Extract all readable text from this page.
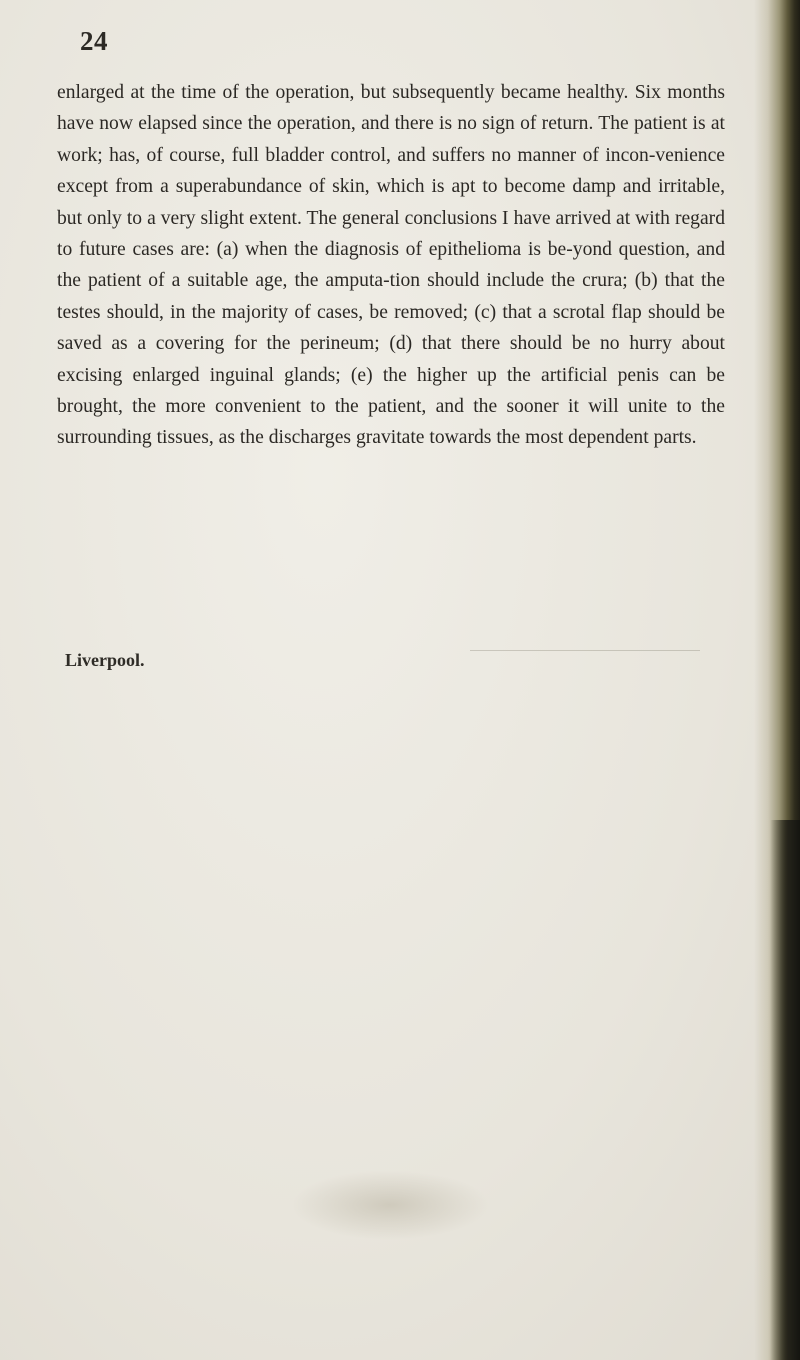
24

enlarged at the time of the operation, but subsequently became healthy. Six months have now elapsed since the operation, and there is no sign of return. The patient is at work; has, of course, full bladder control, and suffers no manner of incon-venience except from a superabundance of skin, which is apt to become damp and irritable, but only to a very slight extent. The general conclusions I have arrived at with regard to future cases are: (a) when the diagnosis of epithelioma is be-yond question, and the patient of a suitable age, the amputa-tion should include the crura; (b) that the testes should, in the majority of cases, be removed; (c) that a scrotal flap should be saved as a covering for the perineum; (d) that there should be no hurry about excising enlarged inguinal glands; (e) the higher up the artificial penis can be brought, the more convenient to the patient, and the sooner it will unite to the surrounding tissues, as the discharges gravitate towards the most dependent parts.

Liverpool.
